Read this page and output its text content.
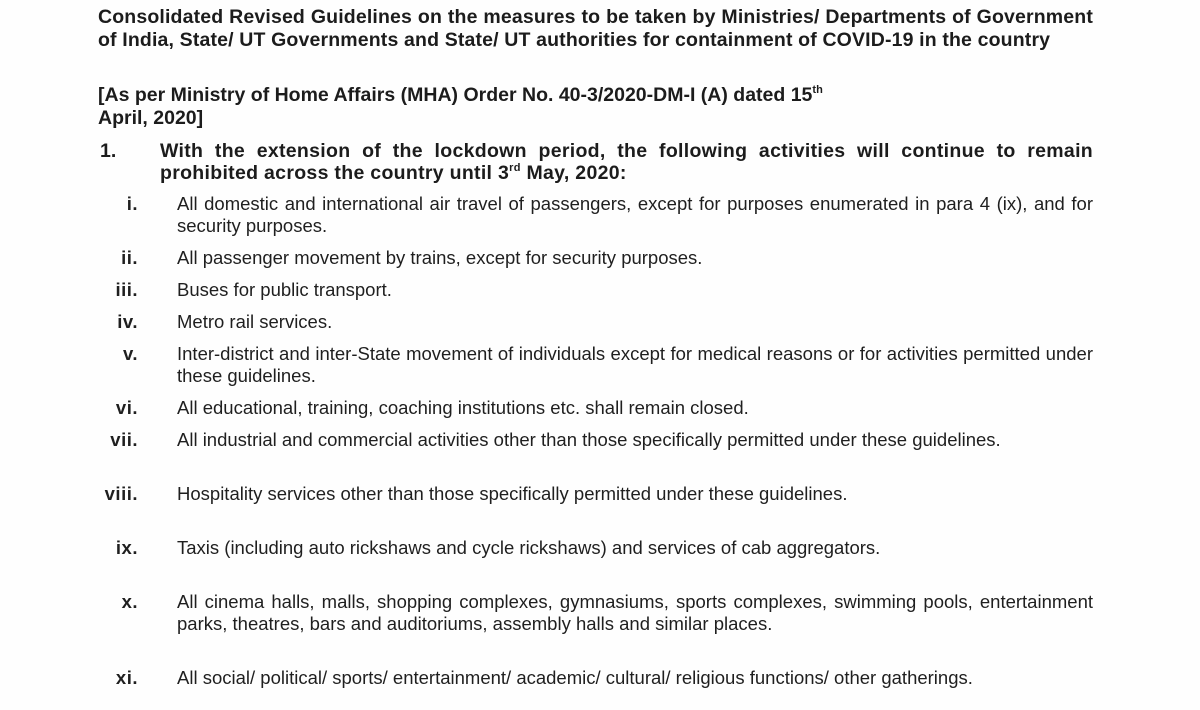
Consolidated Revised Guidelines on the measures to be taken by Ministries/ Departments of Government of India, State/ UT Governments and State/ UT authorities for containment of COVID-19 in the country
[As per Ministry of Home Affairs (MHA) Order No. 40-3/2020-DM-I (A) dated 15th
April, 2020]
1.	With the extension of the lockdown period, the following activities will continue to remain prohibited across the country until 3rd May, 2020:
i. All domestic and international air travel of passengers, except for purposes enumerated in para 4 (ix), and for security purposes.
ii. All passenger movement by trains, except for security purposes.
iii. Buses for public transport.
iv. Metro rail services.
v. Inter-district and inter-State movement of individuals except for medical reasons or for activities permitted under these guidelines.
vi. All educational, training, coaching institutions etc. shall remain closed.
vii. All industrial and commercial activities other than those specifically permitted under these guidelines.
viii. Hospitality services other than those specifically permitted under these guidelines.
ix. Taxis (including auto rickshaws and cycle rickshaws) and services of cab aggregators.
x. All cinema halls, malls, shopping complexes, gymnasiums, sports complexes, swimming pools, entertainment parks, theatres, bars and auditoriums, assembly halls and similar places.
xi. All social/ political/ sports/ entertainment/ academic/ cultural/ religious functions/ other gatherings.
